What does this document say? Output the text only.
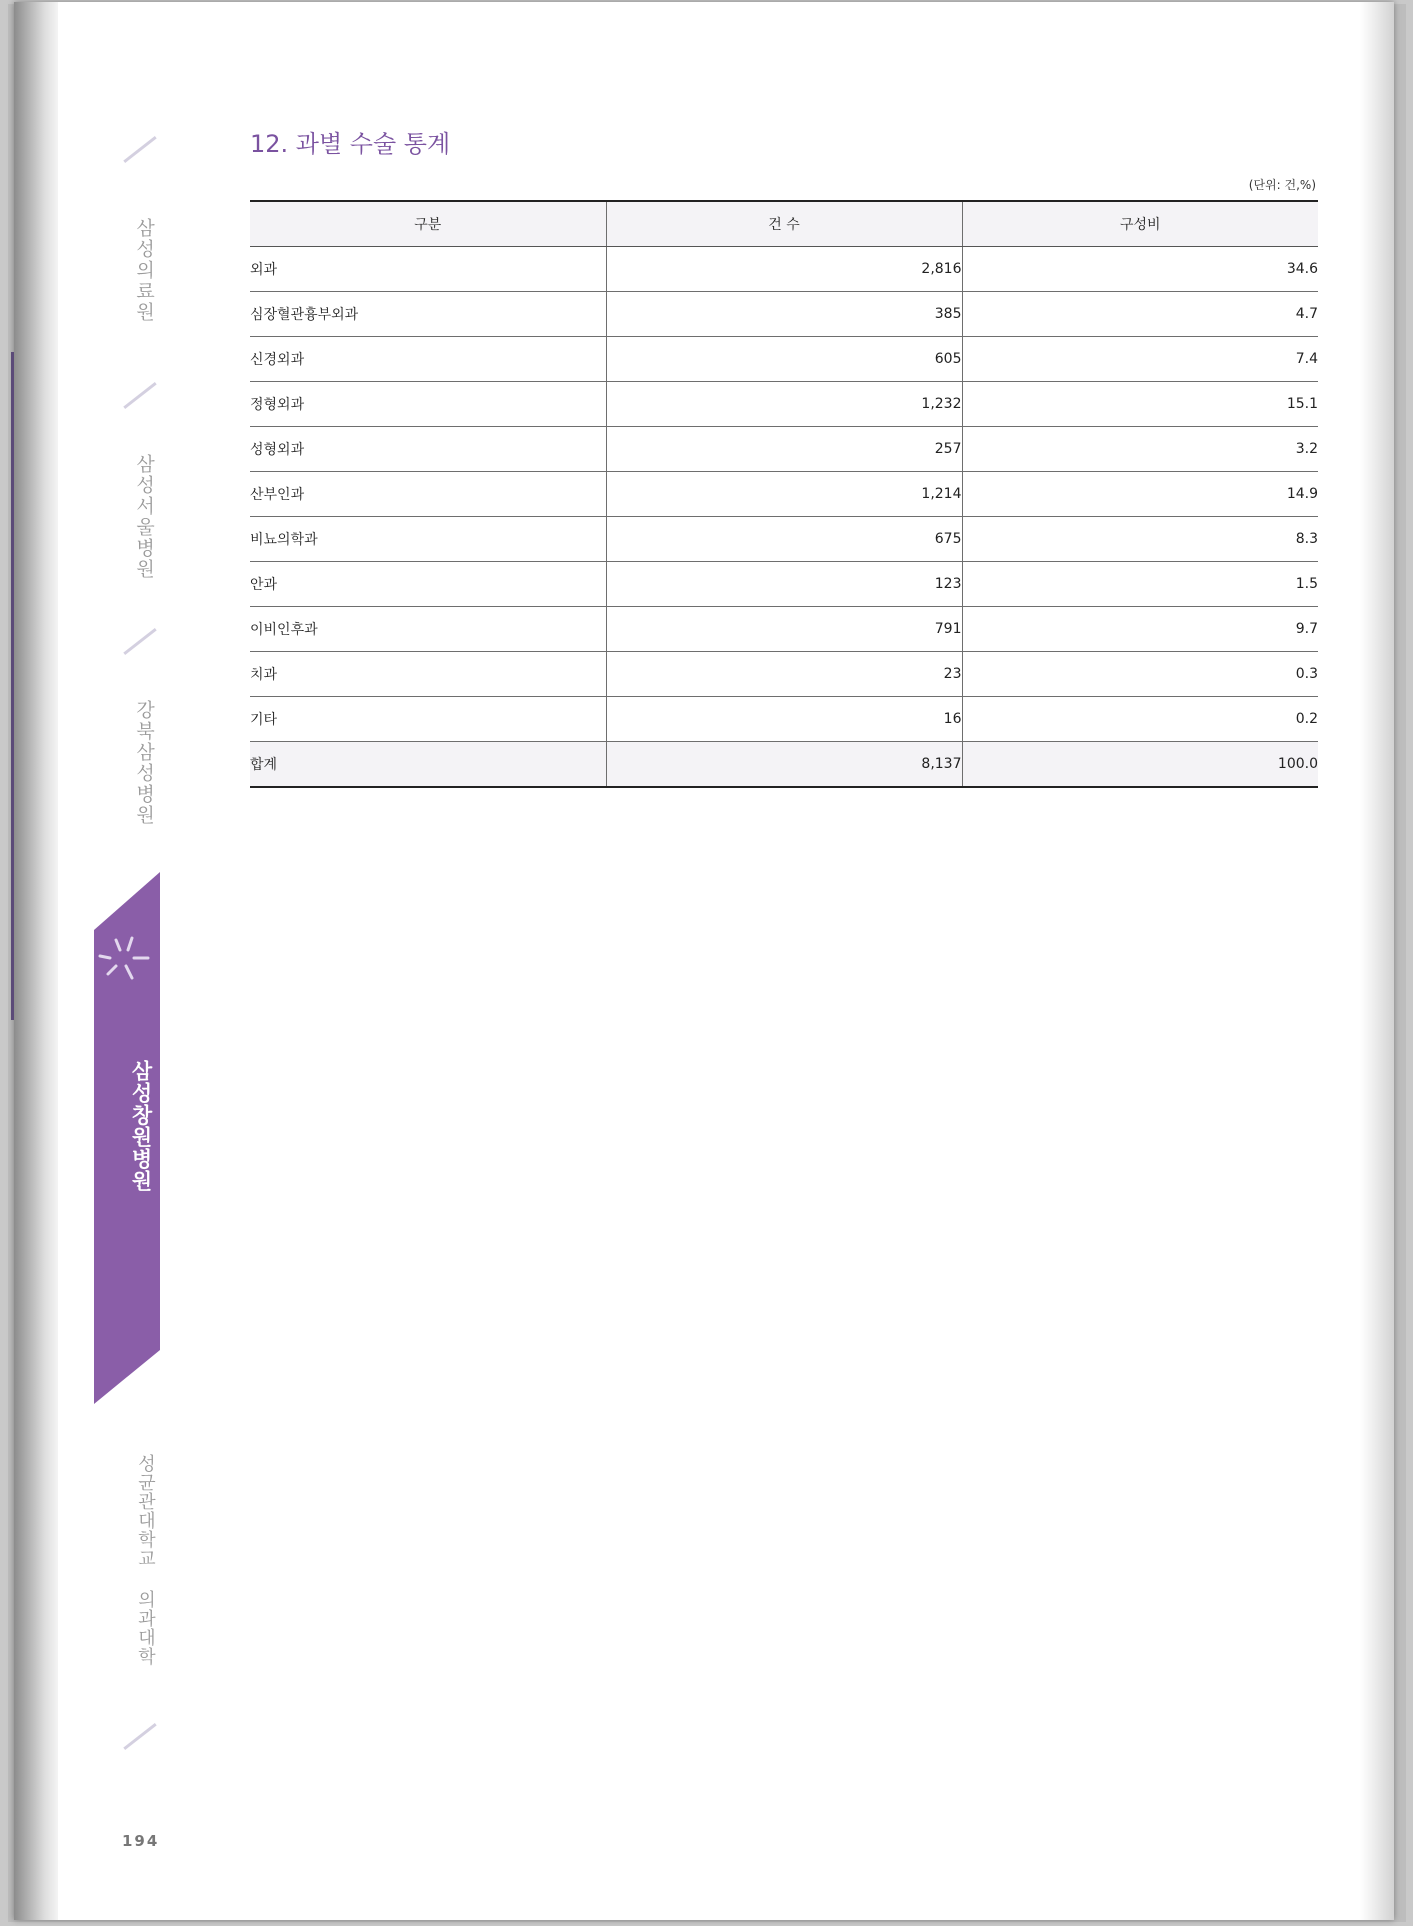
삼성의료원
삼성서울병원
강북삼성병원
삼성창원병원
성균관대학교 의과대학
194
12. 과별 수술 통계
(단위: 건,%)
구분	건 수	구성비
외과	2,816	34.6
심장혈관흉부외과	385	4.7
신경외과	605	7.4
정형외과	1,232	15.1
성형외과	257	3.2
산부인과	1,214	14.9
비뇨의학과	675	8.3
안과	123	1.5
이비인후과	791	9.7
치과	23	0.3
기타	16	0.2
합계	8,137	100.0
